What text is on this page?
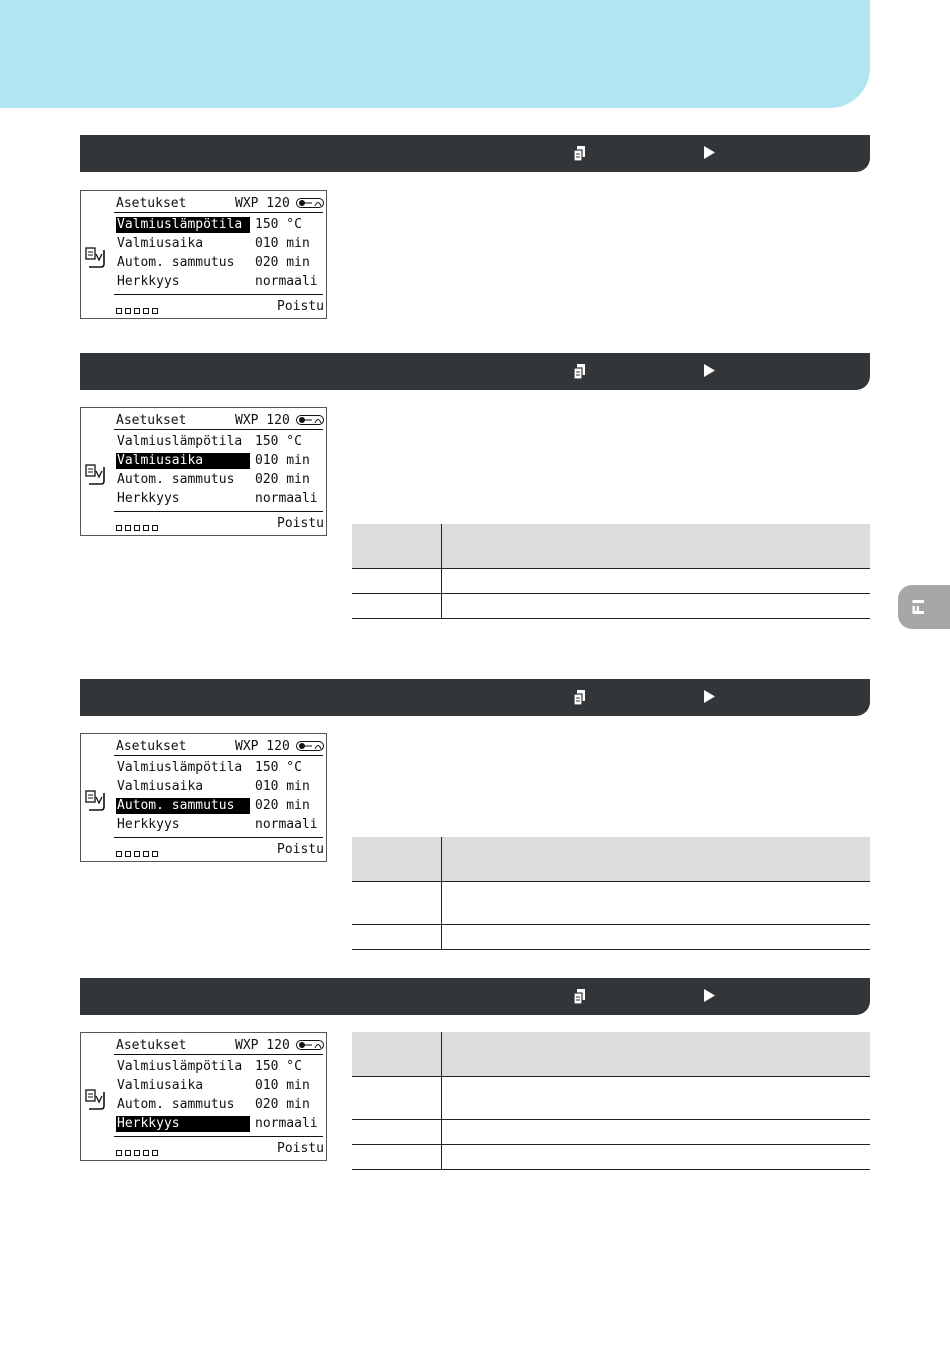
FI
Asetukset	WXP 120
Valmiuslämpötila 150 °C
Valmiusaika	010 min
Autom. sammutus	020 min
Herkkyys	normaali
Poistu
Asetukset	WXP 120
Valmiuslämpötila 150 °C
Valmiusaika	010 min
Autom. sammutus	020 min
Herkkyys	normaali
Poistu
Asetukset	WXP 120
Valmiuslämpötila 150 °C
Valmiusaika	010 min
Autom. sammutus	020 min
Herkkyys	normaali
Poistu
Asetukset	WXP 120
Valmiuslämpötila 150 °C
Valmiusaika	010 min
Autom. sammutus	020 min
Herkkyys	normaali
Poistu
